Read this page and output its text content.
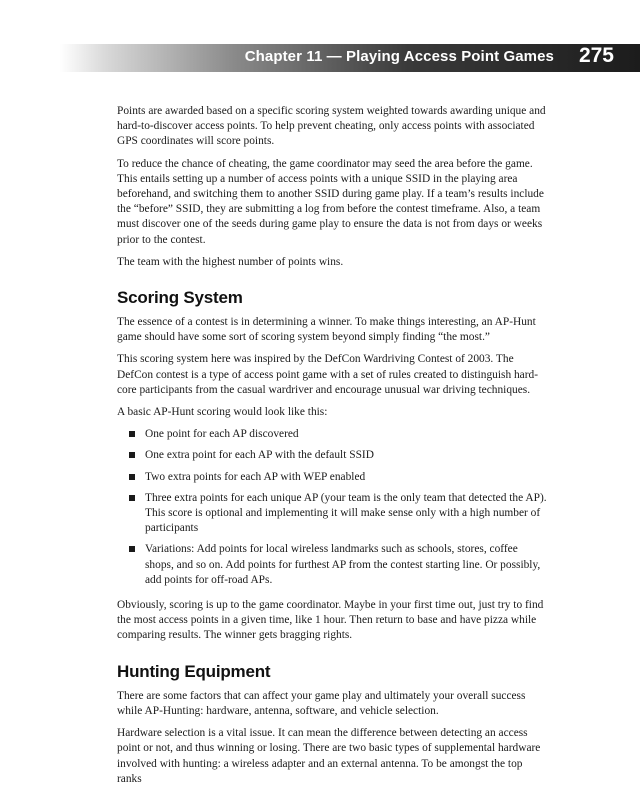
Chapter 11 — Playing Access Point Games 275

Points are awarded based on a specific scoring system weighted towards awarding unique and hard-to-discover access points. To help prevent cheating, only access points with associated GPS coordinates will score points.

To reduce the chance of cheating, the game coordinator may seed the area before the game. This entails setting up a number of access points with a unique SSID in the playing area beforehand, and switching them to another SSID during game play. If a team’s results include the “before” SSID, they are submitting a log from before the contest timeframe. Also, a team must discover one of the seeds during game play to ensure the data is not from days or weeks prior to the contest.

The team with the highest number of points wins.

Scoring System

The essence of a contest is in determining a winner. To make things interesting, an AP-Hunt game should have some sort of scoring system beyond simply finding “the most.”

This scoring system here was inspired by the DefCon Wardriving Contest of 2003. The DefCon contest is a type of access point game with a set of rules created to distinguish hard-core participants from the casual wardriver and encourage unusual war driving techniques.

A basic AP-Hunt scoring would look like this:

One point for each AP discovered
One extra point for each AP with the default SSID
Two extra points for each AP with WEP enabled
Three extra points for each unique AP (your team is the only team that detected the AP). This score is optional and implementing it will make sense only with a high number of participants
Variations: Add points for local wireless landmarks such as schools, stores, coffee shops, and so on. Add points for furthest AP from the contest starting line. Or possibly, add points for off-road APs.

Obviously, scoring is up to the game coordinator. Maybe in your first time out, just try to find the most access points in a given time, like 1 hour. Then return to base and have pizza while comparing results. The winner gets bragging rights.

Hunting Equipment

There are some factors that can affect your game play and ultimately your overall success while AP-Hunting: hardware, antenna, software, and vehicle selection.

Hardware selection is a vital issue. It can mean the difference between detecting an access point or not, and thus winning or losing. There are two basic types of supplemental hardware involved with hunting: a wireless adapter and an external antenna. To be amongst the top ranks
